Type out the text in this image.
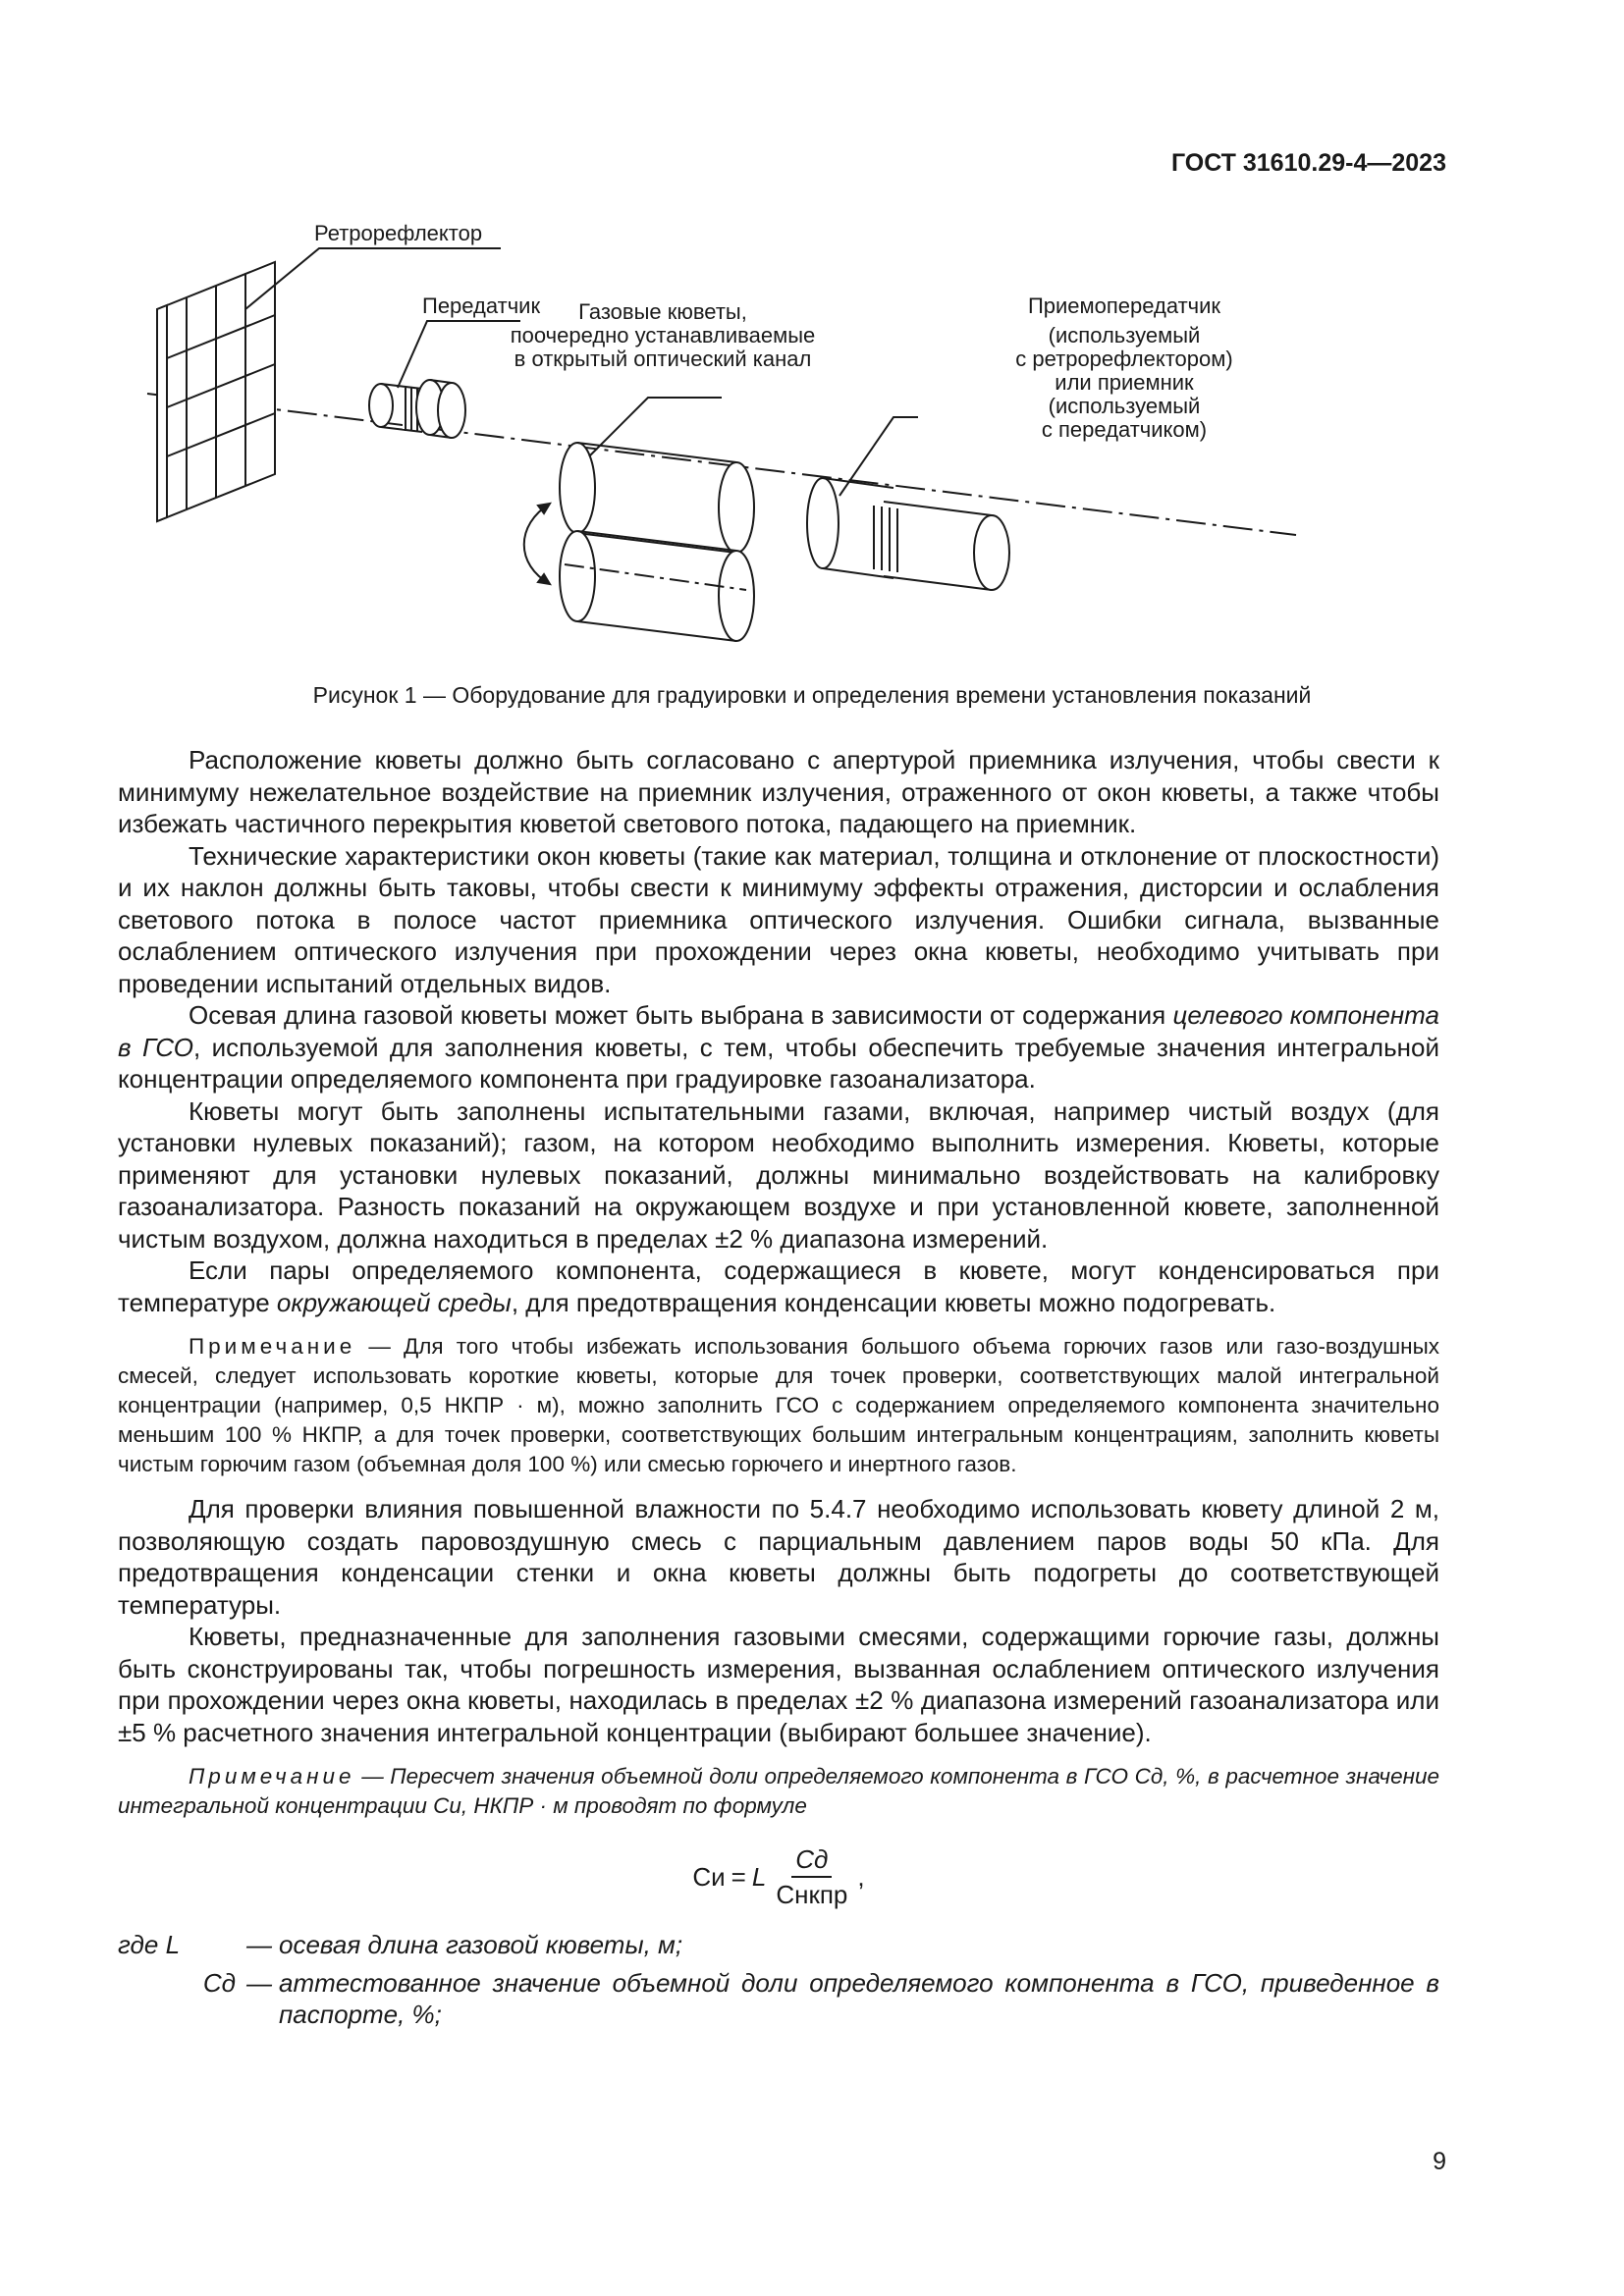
ГОСТ 31610.29-4—2023
Ретрорефлектор
Передатчик Газовые кюветы,
поочередно устанавливаемые
в открытый оптический канал
Приемопередатчик
(используемый
с ретрорефлектором)
или приемник
(используемый
с передатчиком)
Рисунок 1 — Оборудование для градуировки и определения времени установления показаний

Расположение кюветы должно быть согласовано с апертурой приемника излучения, чтобы свести к минимуму нежелательное воздействие на приемник излучения, отраженного от окон кюветы, а также чтобы избежать частичного перекрытия кюветой светового потока, падающего на приемник.

Технические характеристики окон кюветы (такие как материал, толщина и отклонение от плоскостности) и их наклон должны быть таковы, чтобы свести к минимуму эффекты отражения, дисторсии и ослабления светового потока в полосе частот приемника оптического излучения. Ошибки сигнала, вызванные ослаблением оптического излучения при прохождении через окна кюветы, необходимо учитывать при проведении испытаний отдельных видов.

Осевая длина газовой кюветы может быть выбрана в зависимости от содержания целевого компонента в ГСО, используемой для заполнения кюветы, с тем, чтобы обеспечить требуемые значения интегральной концентрации определяемого компонента при градуировке газоанализатора.

Кюветы могут быть заполнены испытательными газами, включая, например чистый воздух (для установки нулевых показаний); газом, на котором необходимо выполнить измерения. Кюветы, которые применяют для установки нулевых показаний, должны минимально воздействовать на калибровку газоанализатора. Разность показаний на окружающем воздухе и при установленной кювете, заполненной чистым воздухом, должна находиться в пределах ±2 % диапазона измерений.

Если пары определяемого компонента, содержащиеся в кювете, могут конденсироваться при температуре окружающей среды, для предотвращения конденсации кюветы можно подогревать.

Примечание — Для того чтобы избежать использования большого объема горючих газов или газо-воздушных смесей, следует использовать короткие кюветы, которые для точек проверки, соответствующих малой интегральной концентрации (например, 0,5 НКПР · м), можно заполнить ГСО с содержанием определяемого компонента значительно меньшим 100 % НКПР, а для точек проверки, соответствующих большим интегральным концентрациям, заполнить кюветы чистым горючим газом (объемная доля 100 %) или смесью горючего и инертного газов.

Для проверки влияния повышенной влажности по 5.4.7 необходимо использовать кювету длиной 2 м, позволяющую создать паровоздушную смесь с парциальным давлением паров воды 50 кПа. Для предотвращения конденсации стенки и окна кюветы должны быть подогреты до соответствующей температуры.

Кюветы, предназначенные для заполнения газовыми смесями, содержащими горючие газы, должны быть сконструированы так, чтобы погрешность измерения, вызванная ослаблением оптического излучения при прохождении через окна кюветы, находилась в пределах ±2 % диапазона измерений газоанализатора или ±5 % расчетного значения интегральной концентрации (выбирают большее значение).

Примечание — Пересчет значения объемной доли определяемого компонента в ГСО Сд, %, в расчетное значение интегральной концентрации Си, НКПР · м проводят по формуле

Си = L $\frac{Сд}{\text{Снкпр}}$ ,
где L	— осевая длина газовой кюветы, м;
Сд — аттестованное значение объемной доли определяемого компонента в ГСО, приведенное в паспорте, %;
9
